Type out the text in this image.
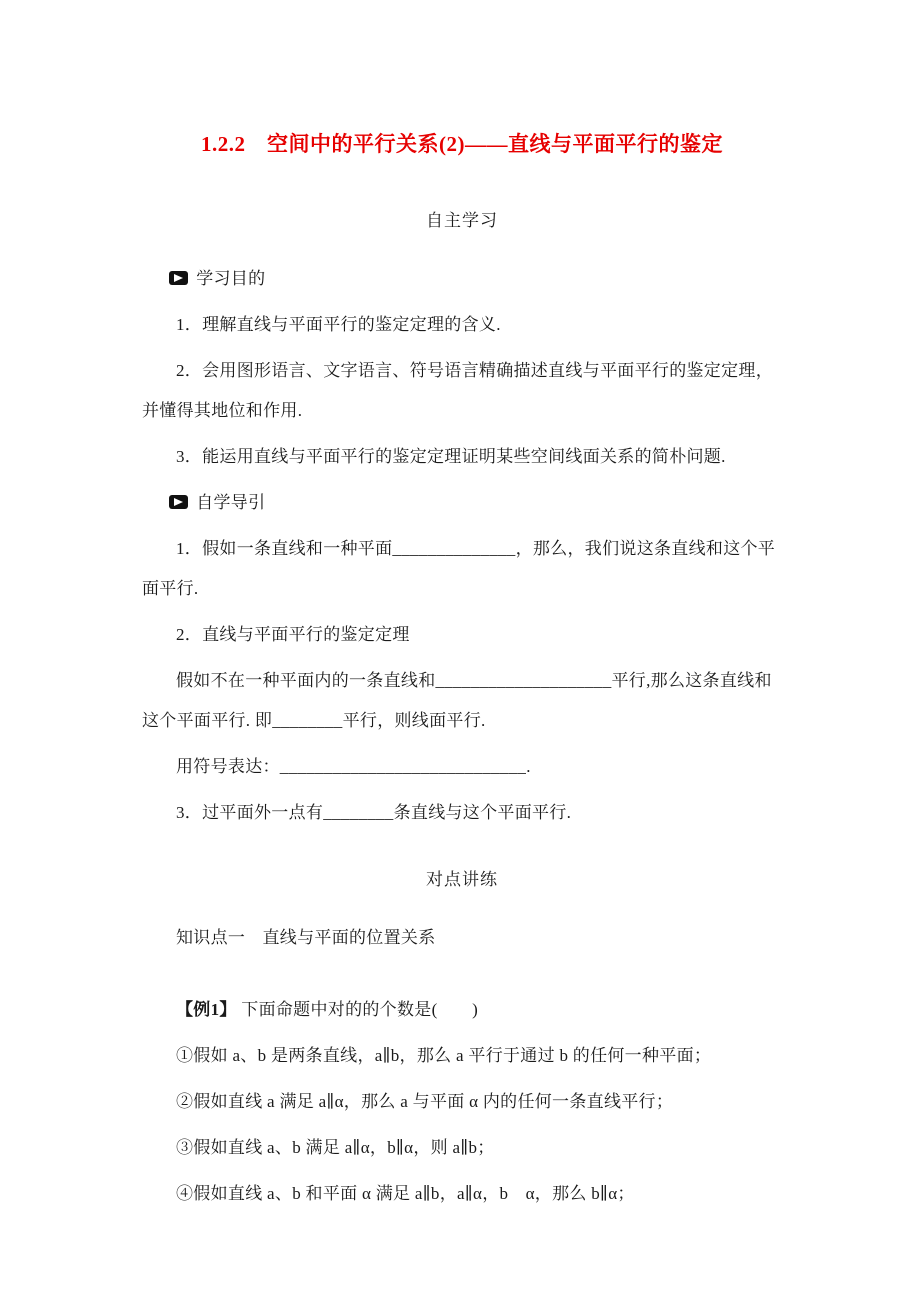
1.2.2　空间中的平行关系(2)——直线与平面平行的鉴定
自主学习

学习目的

1．理解直线与平面平行的鉴定定理的含义.

2．会用图形语言、文字语言、符号语言精确描述直线与平面平行的鉴定定理，并懂得其地位和作用.

3．能运用直线与平面平行的鉴定定理证明某些空间线面关系的简朴问题.

自学导引

1．假如一条直线和一种平面______________，那么，我们说这条直线和这个平面平行.

2．直线与平面平行的鉴定定理

假如不在一种平面内的一条直线和____________________平行,那么这条直线和这个平面平行. 即________平行，则线面平行.

用符号表达：____________________________.

3．过平面外一点有________条直线与这个平面平行.

对点讲练

知识点一　直线与平面的位置关系

【例1】 下面命题中对的的个数是(　　)

①假如 a、b 是两条直线，a∥b，那么 a 平行于通过 b 的任何一种平面；

②假如直线 a 满足 a∥α，那么 a 与平面 α 内的任何一条直线平行；

③假如直线 a、b 满足 a∥α，b∥α，则 a∥b；

④假如直线 a、b 和平面 α 满足 a∥b，a∥α，b　α，那么 b∥α；
